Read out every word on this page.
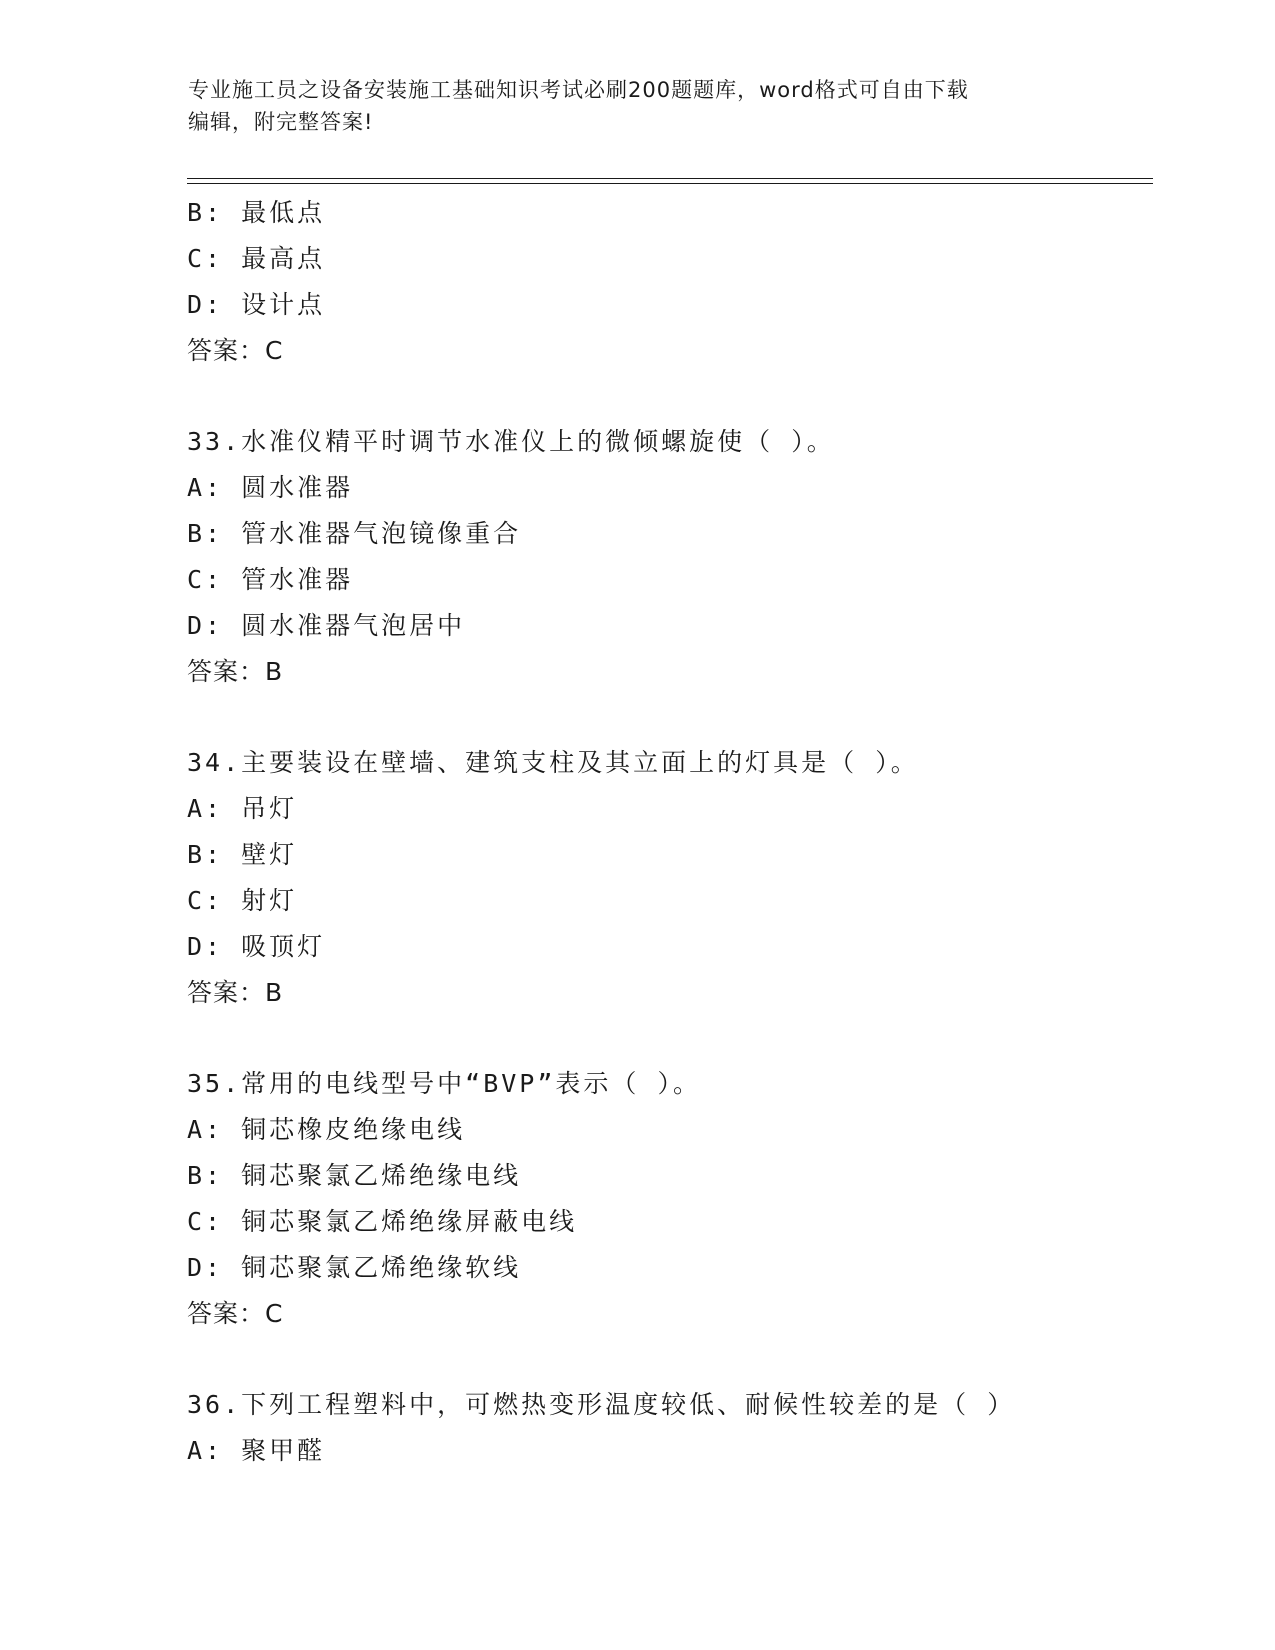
专业施工员之设备安装施工基础知识考试必刷200题题库，word格式可自由下载
编辑，附完整答案!
B: 最低点
C: 最高点
D: 设计点
答案：C
33.水准仪精平时调节水准仪上的微倾螺旋使（ ）。
A: 圆水准器
B: 管水准器气泡镜像重合
C: 管水准器
D: 圆水准器气泡居中
答案：B
34.主要装设在壁墙、建筑支柱及其立面上的灯具是（ ）。
A: 吊灯
B: 壁灯
C: 射灯
D: 吸顶灯
答案：B
35.常用的电线型号中“BVP”表示（ ）。
A: 铜芯橡皮绝缘电线
B: 铜芯聚氯乙烯绝缘电线
C: 铜芯聚氯乙烯绝缘屏蔽电线
D: 铜芯聚氯乙烯绝缘软线
答案：C
36.下列工程塑料中，可燃热变形温度较低、耐候性较差的是（ ）
A: 聚甲醛
